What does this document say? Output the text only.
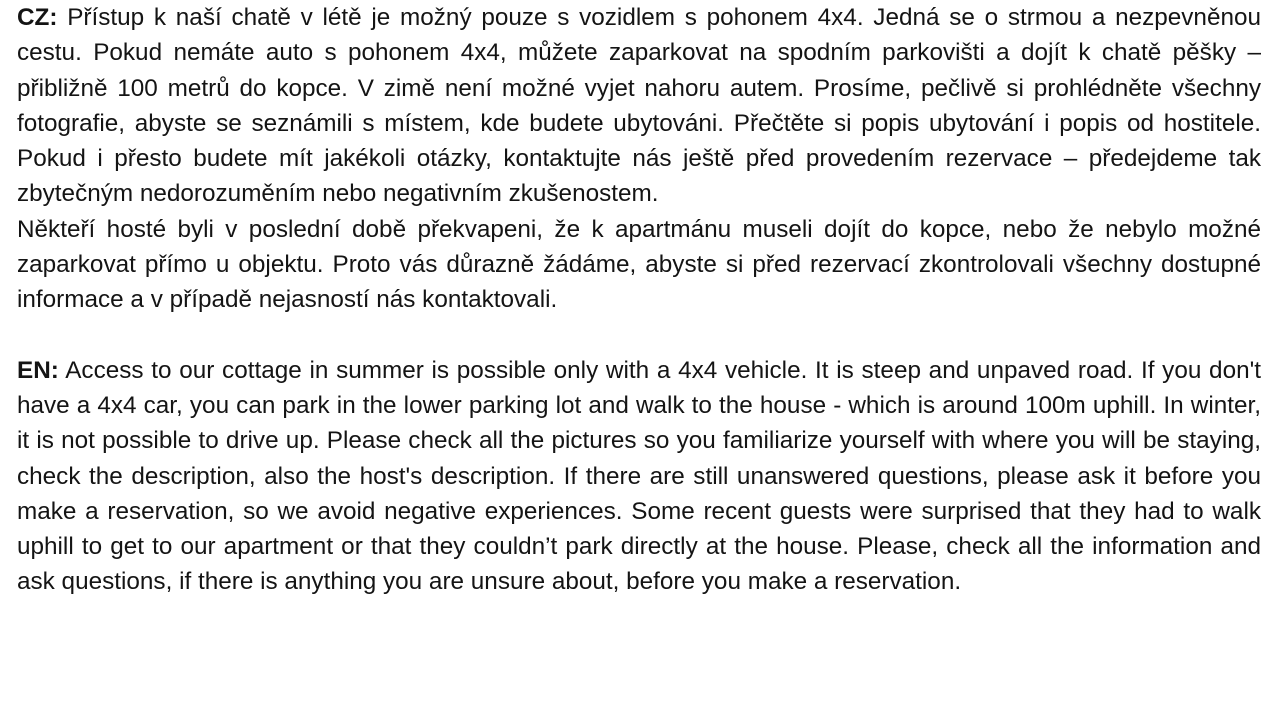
CZ: Přístup k naší chatě v létě je možný pouze s vozidlem s pohonem 4x4. Jedná se o strmou a nezpevněnou cestu. Pokud nemáte auto s pohonem 4x4, můžete zaparkovat na spodním parkovišti a dojít k chatě pěšky – přibližně 100 metrů do kopce. V zimě není možné vyjet nahoru autem. Prosíme, pečlivě si prohlédněte všechny fotografie, abyste se seznámili s místem, kde budete ubytováni. Přečtěte si popis ubytování i popis od hostitele. Pokud i přesto budete mít jakékoli otázky, kontaktujte nás ještě před provedením rezervace – předejdeme tak zbytečným nedorozuměním nebo negativním zkušenostem.

Někteří hosté byli v poslední době překvapeni, že k apartmánu museli dojít do kopce, nebo že nebylo možné zaparkovat přímo u objektu. Proto vás důrazně žádáme, abyste si před rezervací zkontrolovali všechny dostupné informace a v případě nejasností nás kontaktovali.

EN: Access to our cottage in summer is possible only with a 4x4 vehicle. It is steep and unpaved road. If you don't have a 4x4 car, you can park in the lower parking lot and walk to the house - which is around 100m uphill. In winter, it is not possible to drive up. Please check all the pictures so you familiarize yourself with where you will be staying, check the description, also the host's description. If there are still unanswered questions, please ask it before you make a reservation, so we avoid negative experiences. Some recent guests were surprised that they had to walk uphill to get to our apartment or that they couldn’t park directly at the house. Please, check all the information and ask questions, if there is anything you are unsure about, before you make a reservation.
